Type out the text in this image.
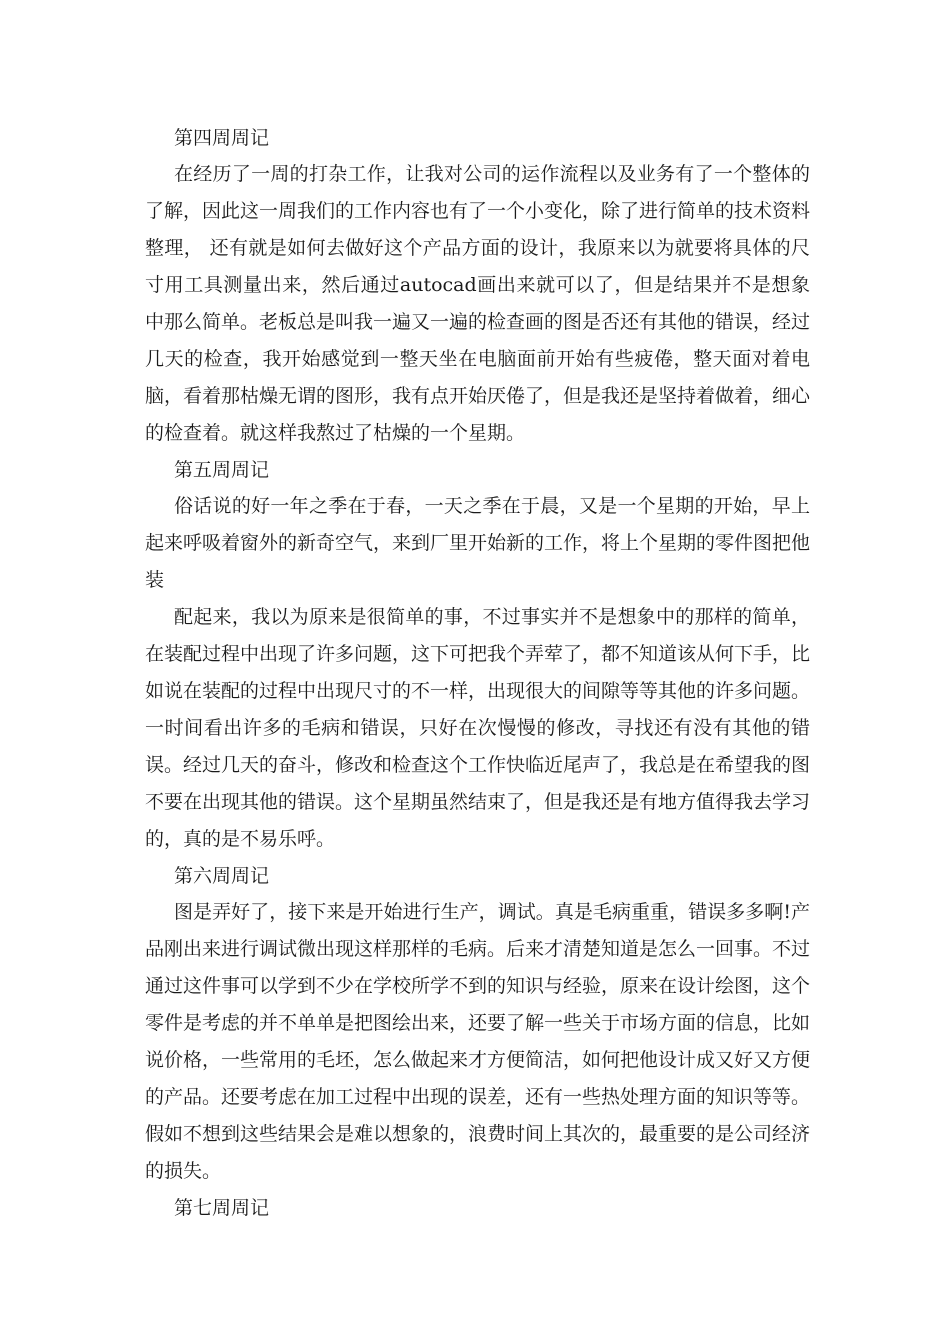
第四周周记

在经历了一周的打杂工作，让我对公司的运作流程以及业务有了一个整体的了解，因此这一周我们的工作内容也有了一个小变化，除了进行简单的技术资料整理， 还有就是如何去做好这个产品方面的设计，我原来以为就要将具体的尺寸用工具测量出来，然后通过autocad画出来就可以了，但是结果并不是想象中那么简单。老板总是叫我一遍又一遍的检查画的图是否还有其他的错误，经过几天的检查，我开始感觉到一整天坐在电脑面前开始有些疲倦，整天面对着电脑，看着那枯燥无谓的图形，我有点开始厌倦了，但是我还是坚持着做着，细心的检查着。就这样我熬过了枯燥的一个星期。

第五周周记

俗话说的好一年之季在于春，一天之季在于晨，又是一个星期的开始，早上起来呼吸着窗外的新奇空气，来到厂里开始新的工作，将上个星期的零件图把他装

配起来，我以为原来是很简单的事，不过事实并不是想象中的那样的简单，在装配过程中出现了许多问题，这下可把我个弄荤了，都不知道该从何下手，比如说在装配的过程中出现尺寸的不一样，出现很大的间隙等等其他的许多问题。一时间看出许多的毛病和错误，只好在次慢慢的修改，寻找还有没有其他的错误。经过几天的奋斗，修改和检查这个工作快临近尾声了，我总是在希望我的图不要在出现其他的错误。这个星期虽然结束了，但是我还是有地方值得我去学习的，真的是不易乐呼。

第六周周记

图是弄好了，接下来是开始进行生产，调试。真是毛病重重，错误多多啊!产品刚出来进行调试微出现这样那样的毛病。后来才清楚知道是怎么一回事。不过通过这件事可以学到不少在学校所学不到的知识与经验，原来在设计绘图，这个零件是考虑的并不单单是把图绘出来，还要了解一些关于市场方面的信息，比如说价格，一些常用的毛坯，怎么做起来才方便简洁，如何把他设计成又好又方便的产品。还要考虑在加工过程中出现的误差，还有一些热处理方面的知识等等。假如不想到这些结果会是难以想象的，浪费时间上其次的，最重要的是公司经济的损失。

第七周周记
